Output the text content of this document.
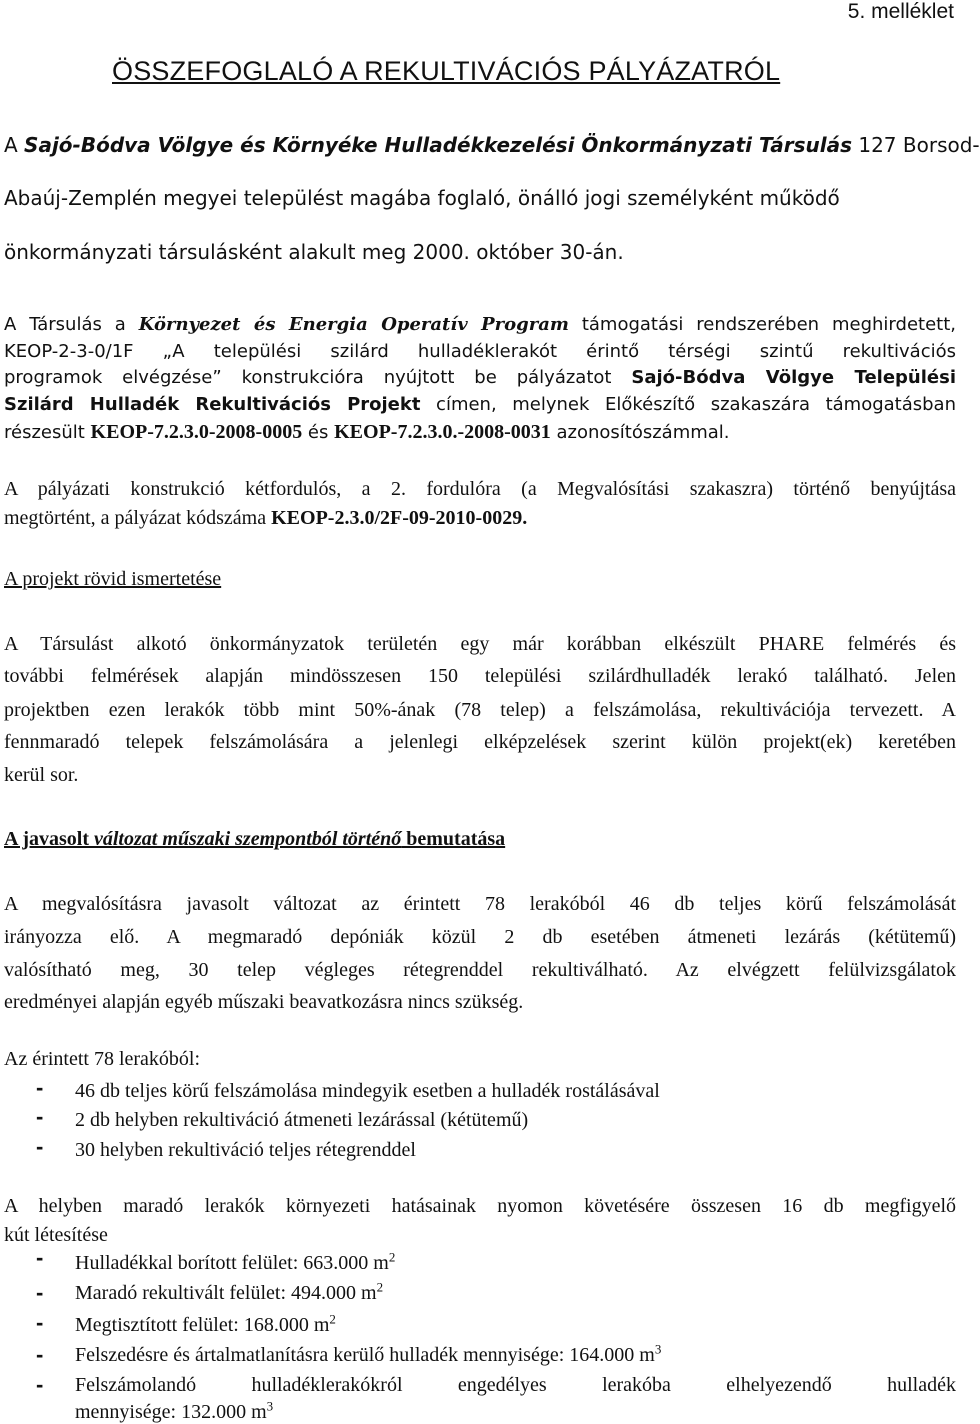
5. melléklet
ÖSSZEFOGLALÓ A REKULTIVÁCIÓS PÁLYÁZATRÓL
A Sajó-Bódva Völgye és Környéke Hulladékkezelési Önkormányzati Társulás 127 Borsod-
Abaúj-Zemplén megyei települést magába foglaló, önálló jogi személyként működő
önkormányzati társulásként alakult meg 2000. október 30-án.
A Társulás a Környezet és Energia Operatív Program támogatási rendszerében meghirdetett,
KEOP-2-3-0/1F „A települési szilárd hulladéklerakót érintő térségi szintű rekultivációs
programok elvégzése” konstrukcióra nyújtott be pályázatot Sajó-Bódva Völgye Települési
Szilárd Hulladék Rekultivációs Projekt címen, melynek Előkészítő szakaszára támogatásban
részesült KEOP-7.2.3.0-2008-0005 és KEOP-7.2.3.0.-2008-0031 azonosítószámmal.
A pályázati konstrukció kétfordulós, a 2. fordulóra (a Megvalósítási szakaszra) történő benyújtása
megtörtént, a pályázat kódszáma KEOP-2.3.0/2F-09-2010-0029.
A projekt rövid ismertetése
A Társulást alkotó önkormányzatok területén egy már korábban elkészült PHARE felmérés és
további felmérések alapján mindösszesen 150 települési szilárdhulladék lerakó található. Jelen
projektben ezen lerakók több mint 50%-ának (78 telep) a felszámolása, rekultivációja tervezett. A
fennmaradó telepek felszámolására a jelenlegi elképzelések szerint külön projekt(ek) keretében
kerül sor.
A javasolt változat műszaki szempontból történő bemutatása
A megvalósításra javasolt változat az érintett 78 lerakóból 46 db teljes körű felszámolását
irányozza elő. A megmaradó depóniák közül 2 db esetében átmeneti lezárás (kétütemű)
valósítható meg, 30 telep végleges rétegrenddel rekultiválható. Az elvégzett felülvizsgálatok
eredményei alapján egyéb műszaki beavatkozásra nincs szükség.
Az érintett 78 lerakóból:
-	46 db teljes körű felszámolása mindegyik esetben a hulladék rostálásával
-	2 db helyben rekultiváció átmeneti lezárással (kétütemű)
-	30 helyben rekultiváció teljes rétegrenddel
A helyben maradó lerakók környezeti hatásainak nyomon követésére összesen 16 db megfigyelő
kút létesítése
-	Hulladékkal borított felület: 663.000 $m^2$
-	Maradó rekultivált felület: 494.000 $m^2$
-	Megtisztított felület: 168.000 $m^2$
-	Felszedésre és ártalmatlanításra kerülő hulladék mennyisége: 164.000 $m^3$
-	Felszámolandó hulladéklerakókról engedélyes lerakóba elhelyezendő hulladék
mennyisége: 132.000 $m^3$
